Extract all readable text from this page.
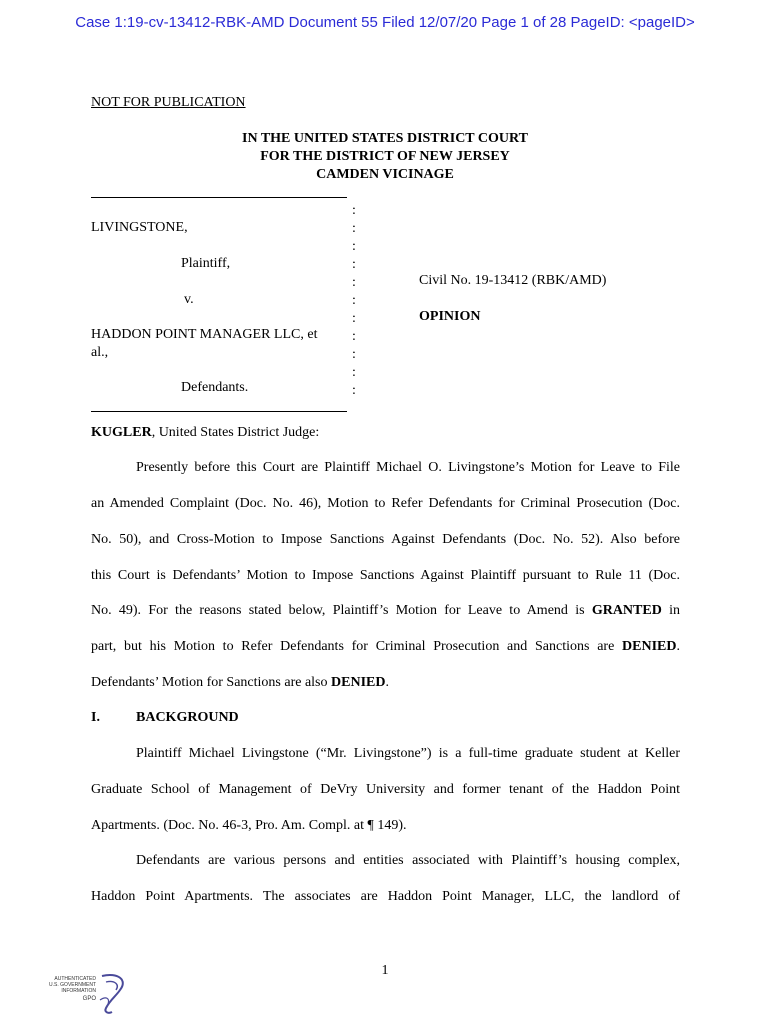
Case 1:19-cv-13412-RBK-AMD Document 55 Filed 12/07/20 Page 1 of 28 PageID: <pageID>
NOT FOR PUBLICATION
IN THE UNITED STATES DISTRICT COURT
FOR THE DISTRICT OF NEW JERSEY
CAMDEN VICINAGE
:
:
:
:
:
:
:
:
:
:
:
LIVINGSTONE,
Plaintiff,
v.
HADDON POINT MANAGER LLC, et
al.,
Defendants.
Civil No. 19-13412 (RBK/AMD)
OPINION
KUGLER, United States District Judge:
Presently before this Court are Plaintiff Michael O. Livingstone’s Motion for Leave to File
an Amended Complaint (Doc. No. 46), Motion to Refer Defendants for Criminal Prosecution (Doc.
No. 50), and Cross-Motion to Impose Sanctions Against Defendants (Doc. No. 52). Also before
this Court is Defendants’ Motion to Impose Sanctions Against Plaintiff pursuant to Rule 11 (Doc.
No. 49). For the reasons stated below, Plaintiff’s Motion for Leave to Amend is GRANTED in
part, but his Motion to Refer Defendants for Criminal Prosecution and Sanctions are DENIED.
Defendants’ Motion for Sanctions are also DENIED.
I.	BACKGROUND
Plaintiff Michael Livingstone (“Mr. Livingstone”) is a full-time graduate student at Keller
Graduate School of Management of DeVry University and former tenant of the Haddon Point
Apartments. (Doc. No. 46-3, Pro. Am. Compl. at ¶ 149).
Defendants are various persons and entities associated with Plaintiff’s housing complex,
Haddon Point Apartments. The associates are Haddon Point Manager, LLC, the landlord of
1
AUTHENTICATED
U.S. GOVERNMENT
INFORMATION
GPO
